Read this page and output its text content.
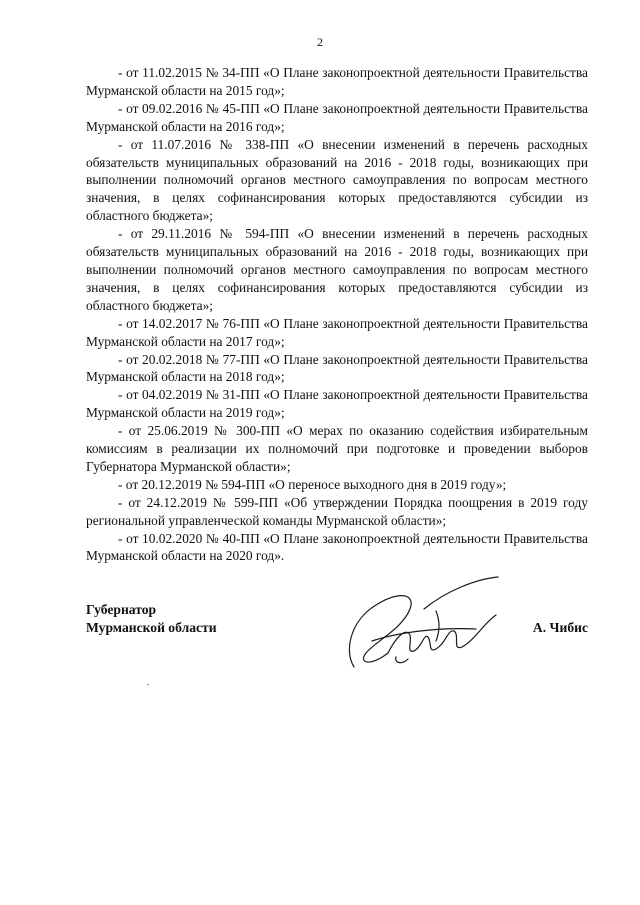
2

- от 11.02.2015 № 34-ПП «О Плане законопроектной деятельности Правительства Мурманской области на 2015 год»;

- от 09.02.2016 № 45-ПП «О Плане законопроектной деятельности Правительства Мурманской области на 2016 год»;

- от 11.07.2016 № 338-ПП «О внесении изменений в перечень расходных обязательств муниципальных образований на 2016 - 2018 годы, возникающих при выполнении полномочий органов местного самоуправления по вопросам местного значения, в целях софинансирования которых предоставляются субсидии из областного бюджета»;

- от 29.11.2016 № 594-ПП «О внесении изменений в перечень расходных обязательств муниципальных образований на 2016 - 2018 годы, возникающих при выполнении полномочий органов местного самоуправления по вопросам местного значения, в целях софинансирования которых предоставляются субсидии из областного бюджета»;

- от 14.02.2017 № 76-ПП «О Плане законопроектной деятельности Правительства Мурманской области на 2017 год»;

- от 20.02.2018 № 77-ПП «О Плане законопроектной деятельности Правительства Мурманской области на 2018 год»;

- от 04.02.2019 № 31-ПП «О Плане законопроектной деятельности Правительства Мурманской области на 2019 год»;

- от 25.06.2019 № 300-ПП «О мерах по оказанию содействия избирательным комиссиям в реализации их полномочий при подготовке и проведении выборов Губернатора Мурманской области»;

- от 20.12.2019 № 594-ПП «О переносе выходного дня в 2019 году»;

- от 24.12.2019 № 599-ПП «Об утверждении Порядка поощрения в 2019 году региональной управленческой команды Мурманской области»;

- от 10.02.2020 № 40-ПП «О Плане законопроектной деятельности Правительства Мурманской области на 2020 год».

Губернатор
Мурманской области	А. Чибис
